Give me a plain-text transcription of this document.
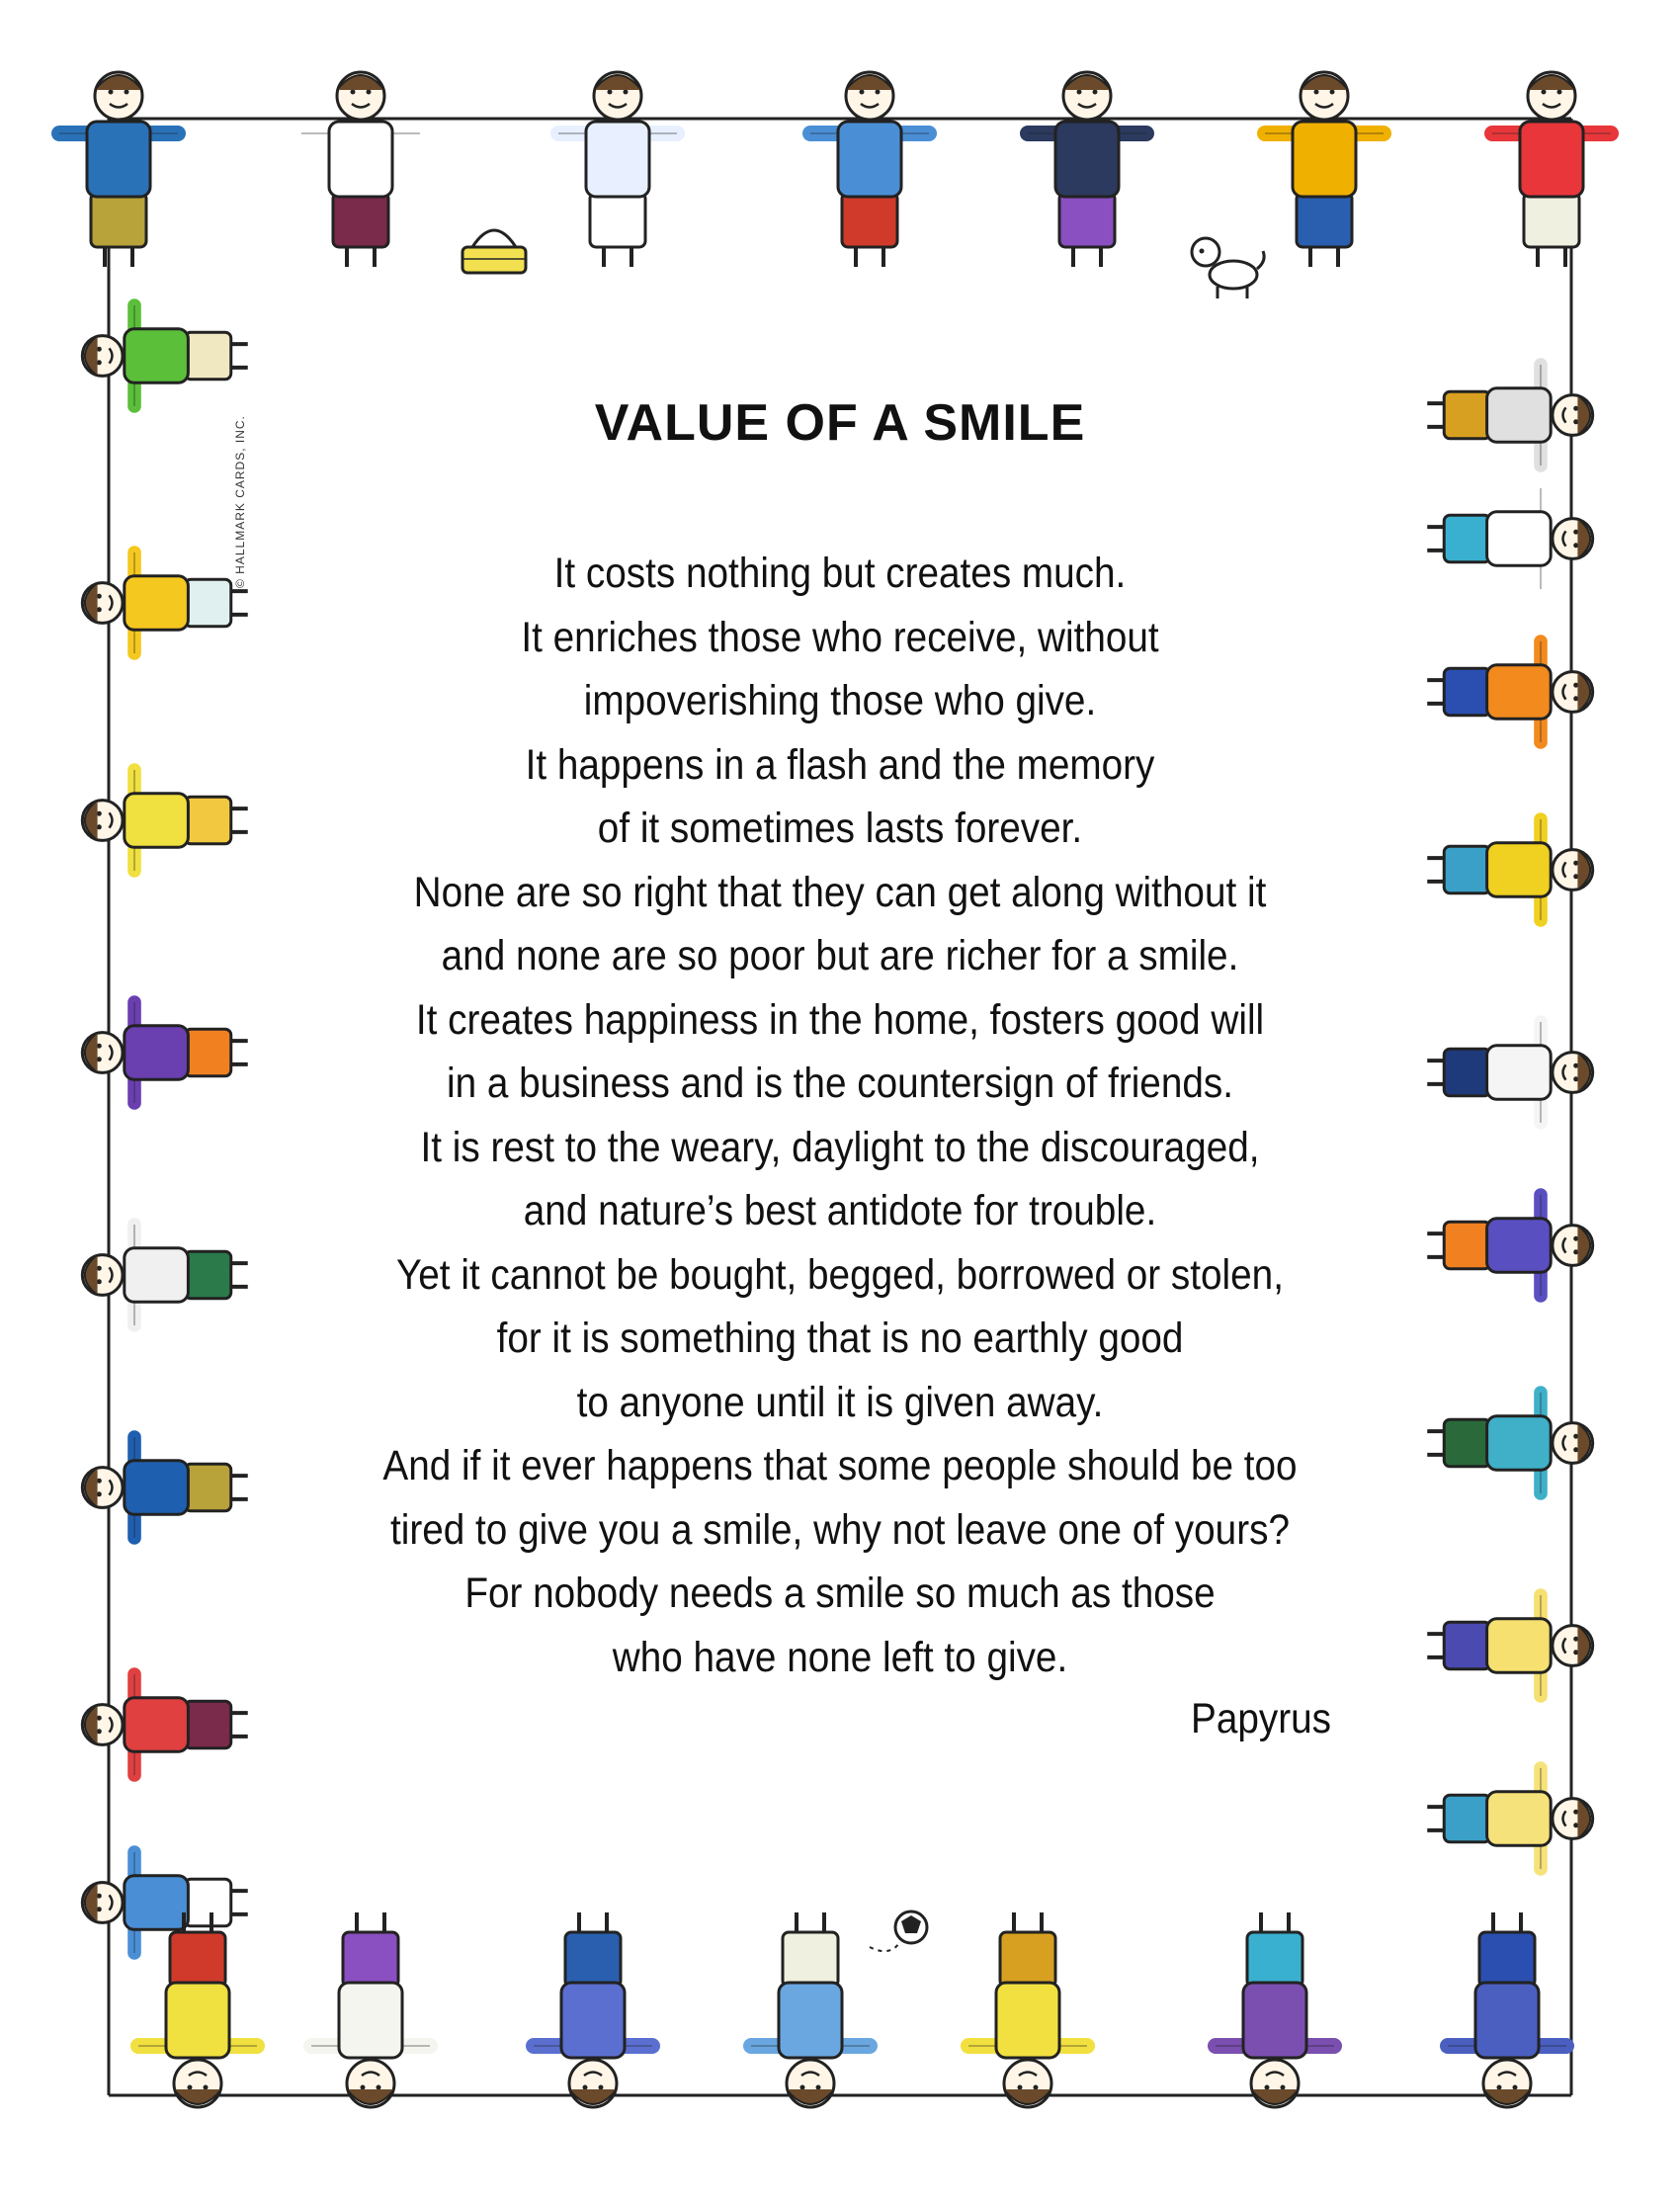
© HALLMARK CARDS, INC.	VALUE OF A SMILE
It costs nothing but creates much.
It enriches those who receive, without
impoverishing those who give.
It happens in a flash and the memory
of it sometimes lasts forever.
None are so right that they can get along without it
and none are so poor but are richer for a smile.
It creates happiness in the home, fosters good will
in a business and is the countersign of friends.
It is rest to the weary, daylight to the discouraged,
and nature’s best antidote for trouble.
Yet it cannot be bought, begged, borrowed or stolen,
for it is something that is no earthly good
to anyone until it is given away.
And if it ever happens that some people should be too
tired to give you a smile, why not leave one of yours?
For nobody needs a smile so much as those
who have none left to give.
Papyrus
